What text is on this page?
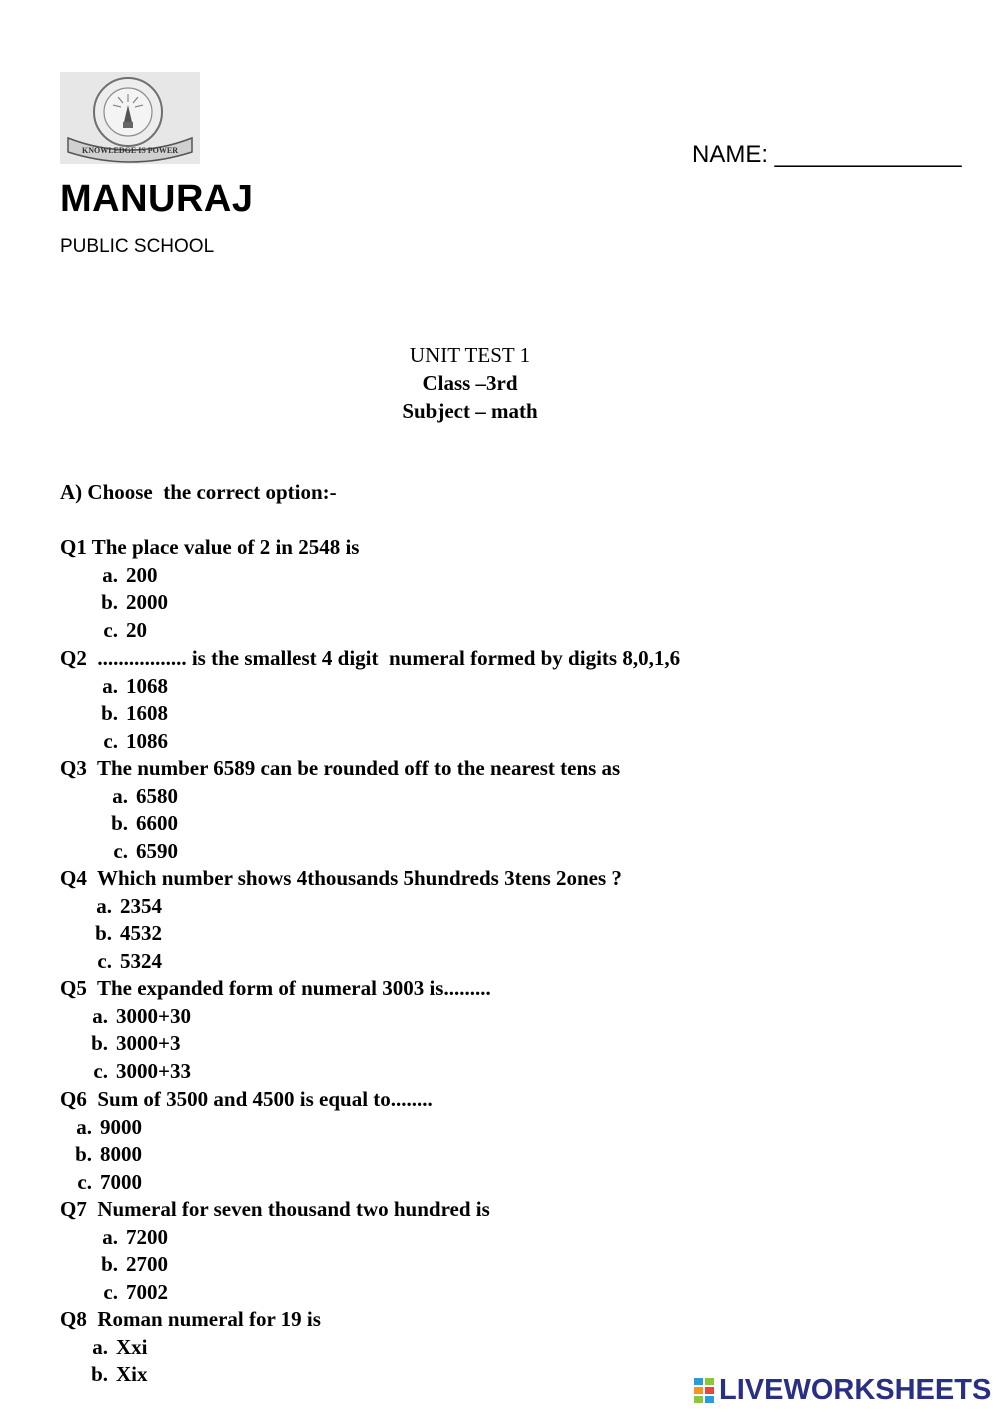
KNOWLEDGE IS POWER	NAME: ______________
MANURAJ
PUBLIC SCHOOL
UNIT TEST 1
Class –3rd
Subject – math
A) Choose  the correct option:-
Q1 The place value of 2 in 2548 is
a. 200
b. 2000
c. 20
Q2  ................. is the smallest 4 digit  numeral formed by digits 8,0,1,6
a. 1068
b. 1608
c. 1086
Q3  The number 6589 can be rounded off to the nearest tens as
a. 6580
b. 6600
c. 6590
Q4  Which number shows 4thousands 5hundreds 3tens 2ones ?
a. 2354
b. 4532
c. 5324
Q5  The expanded form of numeral 3003 is.........
a. 3000+30
b. 3000+3
c. 3000+33
Q6  Sum of 3500 and 4500 is equal to........
a. 9000
b. 8000
c. 7000
Q7  Numeral for seven thousand two hundred is
a. 7200
b. 2700
c. 7002
Q8  Roman numeral for 19 is
a. Xxi
b. Xix	LIVEWORKSHEETS
